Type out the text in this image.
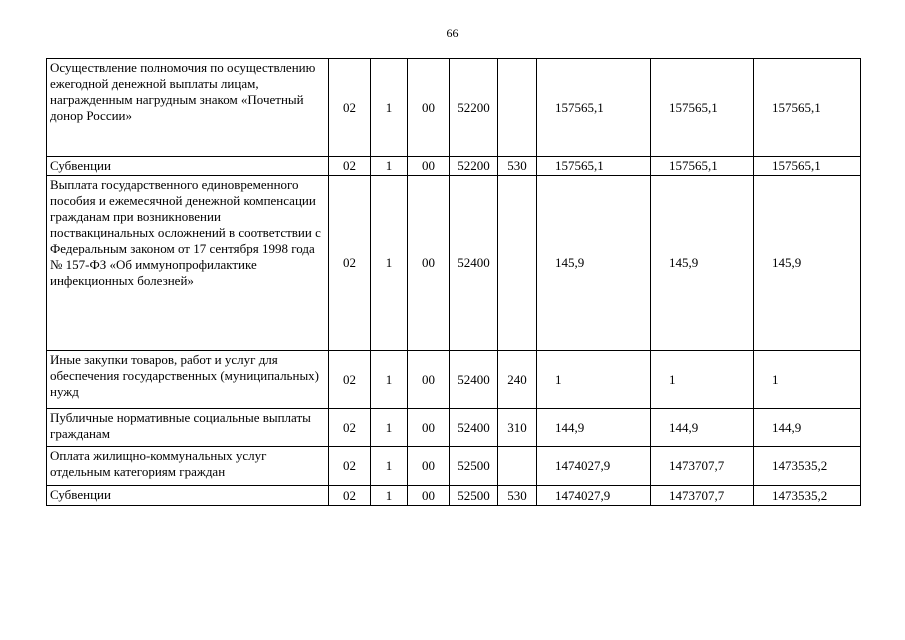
66
Осуществление полномочия по осуществлению ежегодной денежной выплаты лицам, награжденным нагрудным знаком «Почетный донор России»	02	1	00	52200		157565,1	157565,1	157565,1
Субвенции	02	1	00	52200	530	157565,1	157565,1	157565,1
Выплата государственного единовременного пособия и ежемесячной денежной компенсации гражданам при возникновении поствакцинальных осложнений в соответствии с Федеральным законом от 17 сентября 1998 года № 157-ФЗ «Об иммунопрофилактике инфекционных болезней»	02	1	00	52400		145,9	145,9	145,9
Иные закупки товаров, работ и услуг для обеспечения государственных (муниципальных) нужд	02	1	00	52400	240	1	1	1
Публичные нормативные социальные выплаты гражданам	02	1	00	52400	310	144,9	144,9	144,9
Оплата жилищно-коммунальных услуг отдельным категориям граждан	02	1	00	52500		1474027,9	1473707,7	1473535,2
Субвенции	02	1	00	52500	530	1474027,9	1473707,7	1473535,2
